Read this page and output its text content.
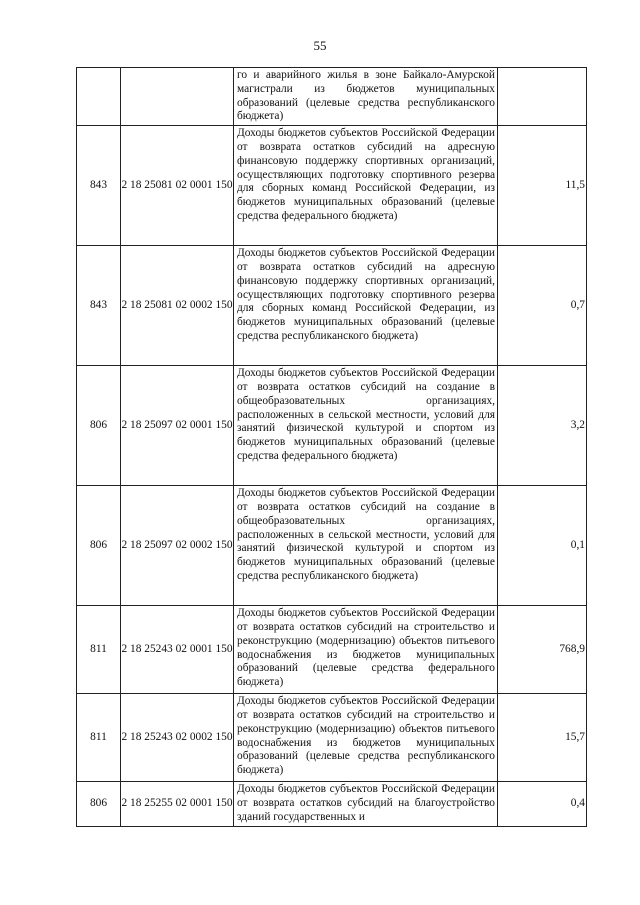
55
		го и аварийного жилья в зоне Байкало-Амурской магистрали из бюджетов муниципальных образований (целевые средства республиканского бюджета)	
843	2 18 25081 02 0001 150	Доходы бюджетов субъектов Российской Федерации от возврата остатков субсидий на адресную финансовую поддержку спортивных организаций, осуществляющих подготовку спортивного резерва для сборных команд Российской Федерации, из бюджетов муниципальных образований (целевые средства федерального бюджета)	11,5
843	2 18 25081 02 0002 150	Доходы бюджетов субъектов Российской Федерации от возврата остатков субсидий на адресную финансовую поддержку спортивных организаций, осуществляющих подготовку спортивного резерва для сборных команд Российской Федерации, из бюджетов муниципальных образований (целевые средства республиканского бюджета)	0,7
806	2 18 25097 02 0001 150	Доходы бюджетов субъектов Российской Федерации от возврата остатков субсидий на создание в общеобразовательных организациях, расположенных в сельской местности, условий для занятий физической культурой и спортом из бюджетов муниципальных образований (целевые средства федерального бюджета)	3,2
806	2 18 25097 02 0002 150	Доходы бюджетов субъектов Российской Федерации от возврата остатков субсидий на создание в общеобразовательных организациях, расположенных в сельской местности, условий для занятий физической культурой и спортом из бюджетов муниципальных образований (целевые средства республиканского бюджета)	0,1
811	2 18 25243 02 0001 150	Доходы бюджетов субъектов Российской Федерации от возврата остатков субсидий на строительство и реконструкцию (модернизацию) объектов питьевого водоснабжения из бюджетов муниципальных образований (целевые средства федерального бюджета)	768,9
811	2 18 25243 02 0002 150	Доходы бюджетов субъектов Российской Федерации от возврата остатков субсидий на строительство и реконструкцию (модернизацию) объектов питьевого водоснабжения из бюджетов муниципальных образований (целевые средства республиканского бюджета)	15,7
806	2 18 25255 02 0001 150	Доходы бюджетов субъектов Российской Федерации от возврата остатков субсидий на благоустройство зданий государственных и	0,4
